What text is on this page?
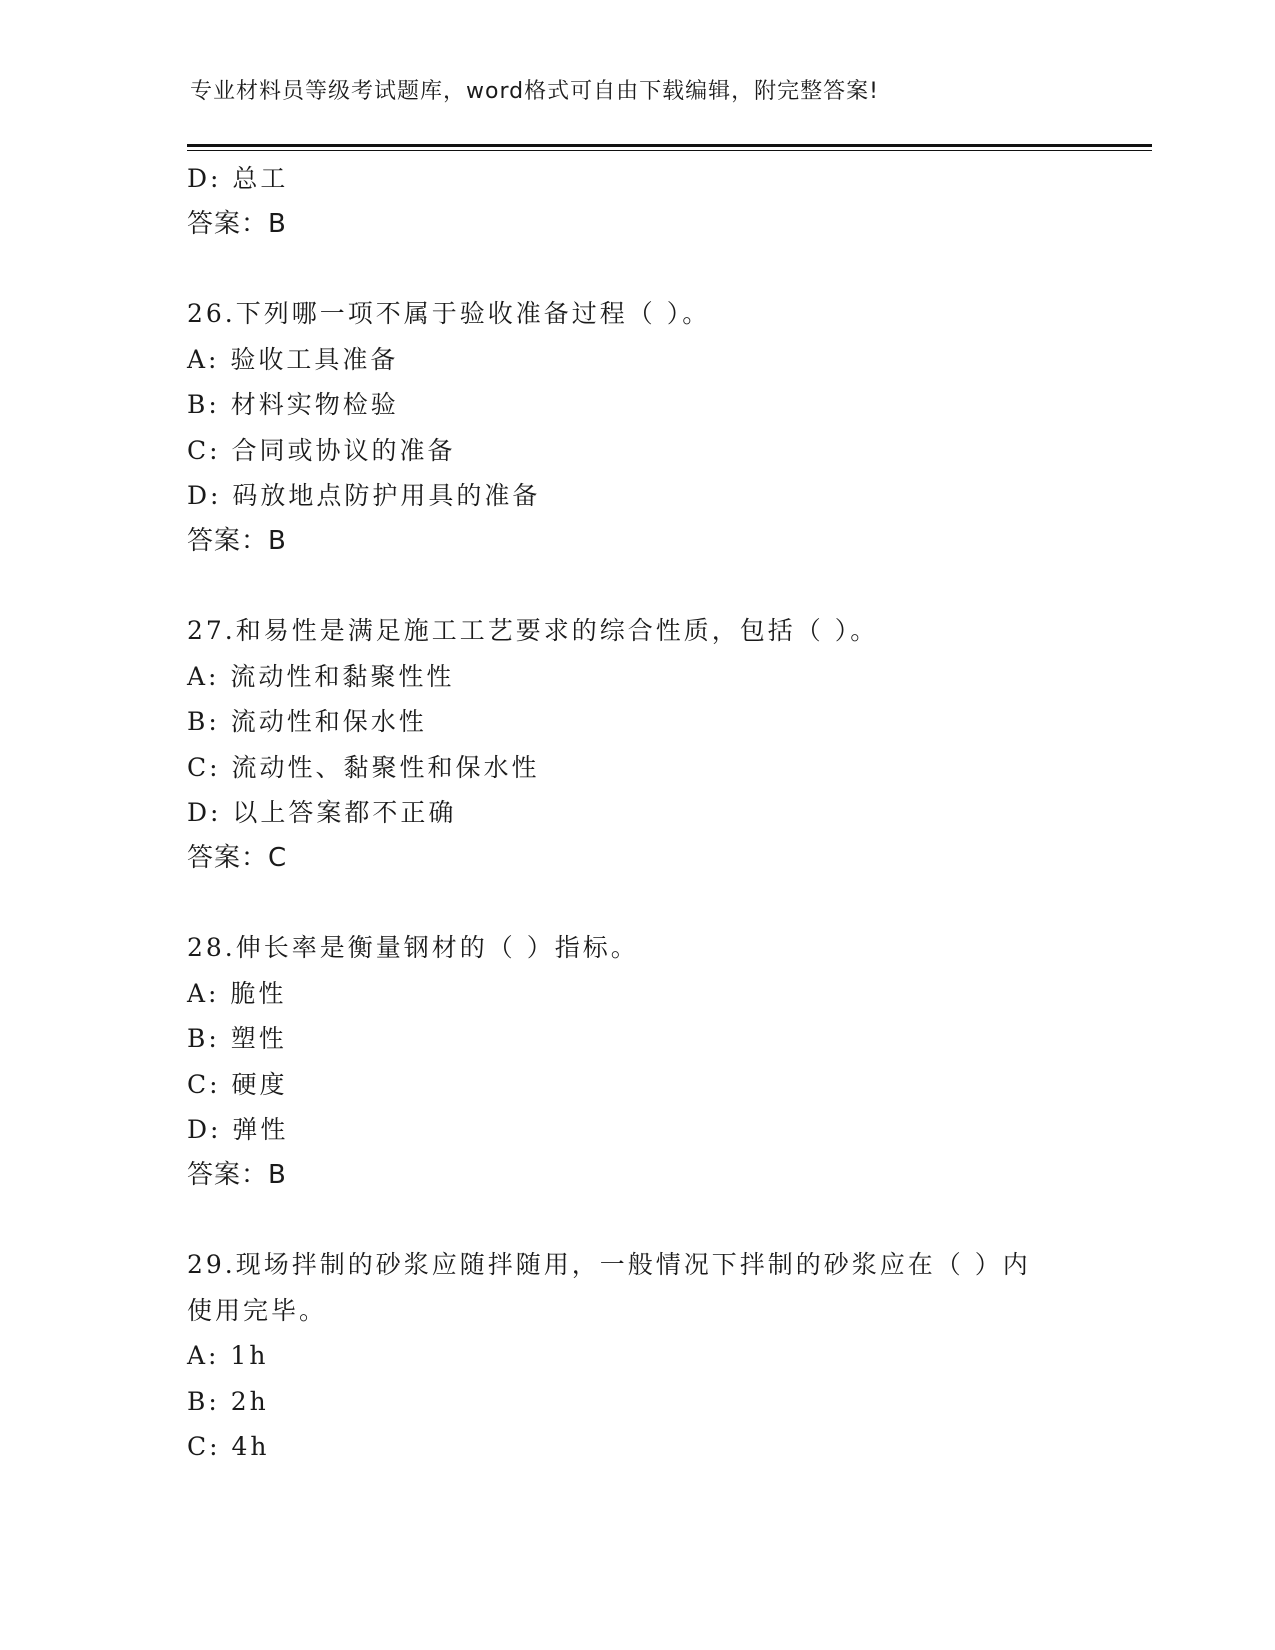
专业材料员等级考试题库，word格式可自由下载编辑，附完整答案!
D: 总工
答案：B
26.下列哪一项不属于验收准备过程（ ）。
A: 验收工具准备
B: 材料实物检验
C: 合同或协议的准备
D: 码放地点防护用具的准备
答案：B
27.和易性是满足施工工艺要求的综合性质，包括（ ）。
A: 流动性和黏聚性性
B: 流动性和保水性
C: 流动性、黏聚性和保水性
D: 以上答案都不正确
答案：C
28.伸长率是衡量钢材的（ ）指标。
A: 脆性
B: 塑性
C: 硬度
D: 弹性
答案：B
29.现场拌制的砂浆应随拌随用，一般情况下拌制的砂浆应在（ ）内
使用完毕。
A: 1h
B: 2h
C: 4h
